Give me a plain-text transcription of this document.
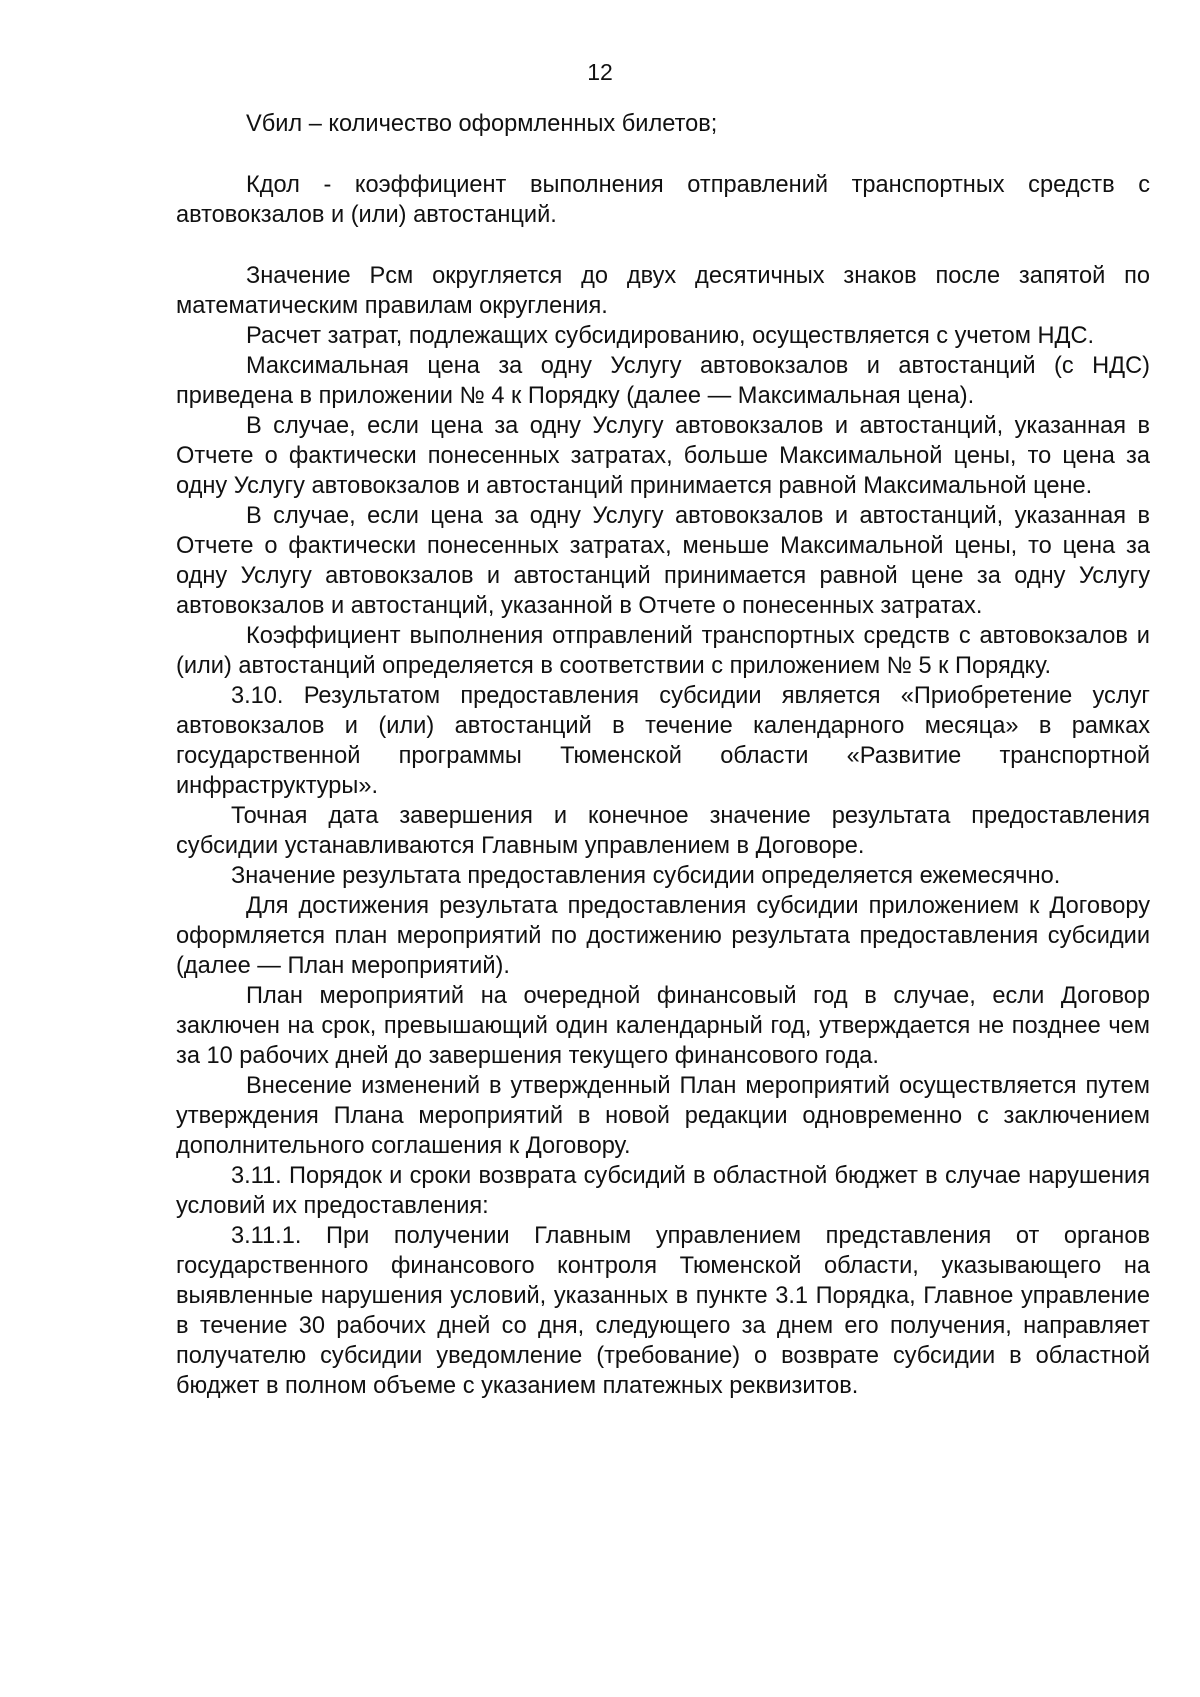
12

Vбил – количество оформленных билетов;

Кдол - коэффициент выполнения отправлений транспортных средств с автовокзалов и (или) автостанций.

Значение Рсм округляется до двух десятичных знаков после запятой по математическим правилам округления.

Расчет затрат, подлежащих субсидированию, осуществляется с учетом НДС.

Максимальная цена за одну Услугу автовокзалов и автостанций (с НДС) приведена в приложении № 4 к Порядку (далее — Максимальная цена).

В случае, если цена за одну Услугу автовокзалов и автостанций, указанная в Отчете о фактически понесенных затратах, больше Максимальной цены, то цена за одну Услугу автовокзалов и автостанций принимается равной Максимальной цене.

В случае, если цена за одну Услугу автовокзалов и автостанций, указанная в Отчете о фактически понесенных затратах, меньше Максимальной цены, то цена за одну Услугу автовокзалов и автостанций принимается равной цене за одну Услугу автовокзалов и автостанций, указанной в Отчете о понесенных затратах.

Коэффициент выполнения отправлений транспортных средств с автовокзалов и (или) автостанций определяется в соответствии с приложением № 5 к Порядку.

3.10. Результатом предоставления субсидии является «Приобретение услуг автовокзалов и (или) автостанций в течение календарного месяца» в рамках государственной программы Тюменской области «Развитие транспортной инфраструктуры».

Точная дата завершения и конечное значение результата предоставления субсидии устанавливаются Главным управлением в Договоре.

Значение результата предоставления субсидии определяется ежемесячно.

Для достижения результата предоставления субсидии приложением к Договору оформляется план мероприятий по достижению результата предоставления субсидии (далее — План мероприятий).

План мероприятий на очередной финансовый год в случае, если Договор заключен на срок, превышающий один календарный год, утверждается не позднее чем за 10 рабочих дней до завершения текущего финансового года.

Внесение изменений в утвержденный План мероприятий осуществляется путем утверждения Плана мероприятий в новой редакции одновременно с заключением дополнительного соглашения к Договору.

3.11. Порядок и сроки возврата субсидий в областной бюджет в случае нарушения условий их предоставления:

3.11.1. При получении Главным управлением представления от органов государственного финансового контроля Тюменской области, указывающего на выявленные нарушения условий, указанных в пункте 3.1 Порядка, Главное управление в течение 30 рабочих дней со дня, следующего за днем его получения, направляет получателю субсидии уведомление (требование) о возврате субсидии в областной бюджет в полном объеме с указанием платежных реквизитов.
